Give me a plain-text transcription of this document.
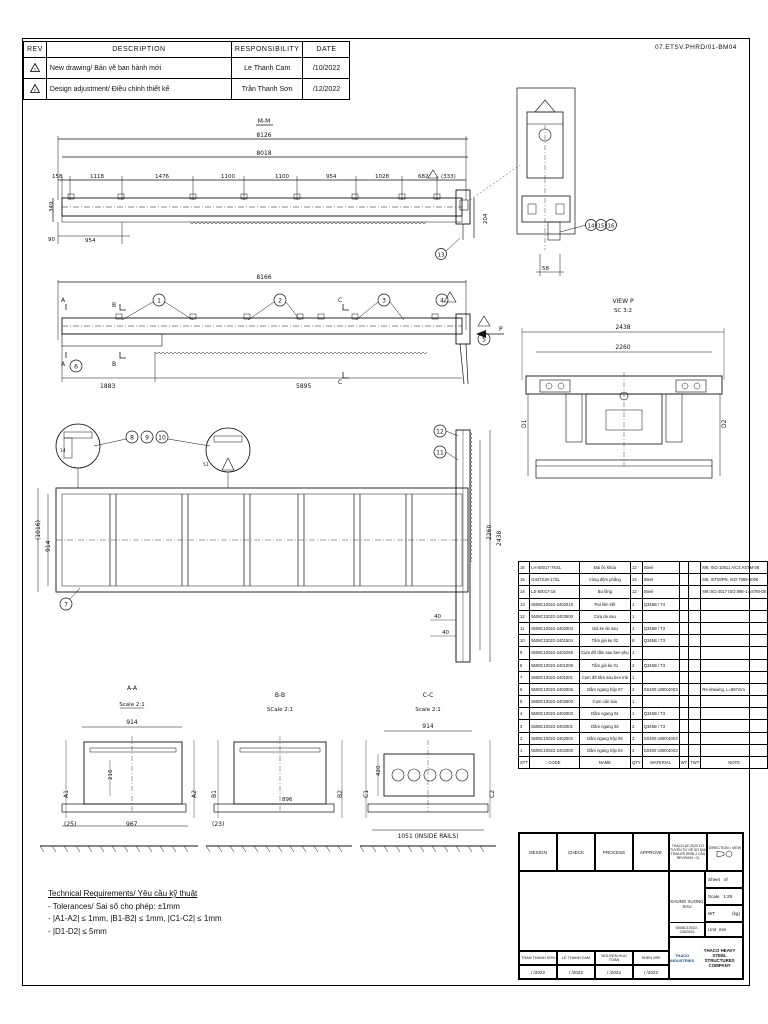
REV	DESCRIPTION	RESPONSIBILITY	DATE

1	New drawing/ Bản vẽ ban hành mới	Le Thanh Cam	/10/2022

2	Design adjustment/ Điều chỉnh thiết kế	Trần Thanh Sơn	/12/2022
07.ETSV.PHRD/01-BM04
M-M
8126
8018
158	1118	1476	1100	1100	954	1028	682 (333)
349
204
90	954
13
58
14 15 16
8166
A
B
C
A	B
C
P
1	2	3	4
5
6
1883	5895
VIEW P
SC 3:2
2438
2260
D1	D2
40
40
(1016)
914
2260 2438
14
51
8 9 10
12
11
7
A-A
Scale 2:1
914
216
967
(25)
A1	A2
B-B
SCale 2:1
896
(23)
B1	B2
C-C
Scale 2:1
914
420
1051 (INSIDE RAILS)
C1	C2
16	LH-50017-7KSL	Đai ốc khóa	12	Steel			M6, ISO 10511 A/C4 ASTM-08
15	G447Z18-17SL	Vòng đệm phẳng	24	Steel			M6, ISTM/PN, ISO 7089-2008
14	LS-50017-18	Bu lông	12	Steel			M6 ISO 4017 ISO 898-1 ASTM-08
13	5508C10022-2402016	Pat liên kết	1	Q345B / T4			
12	5508C10022-2403500	Cửa de sau	1				
11	5508C10022-2402004	Giá ke de sau	1	Q345B / T3			
10	5508C10022-2401504	Tấm giá ke 02	8	Q345B / T3			
9	5508C10022-2402259	Cụm đỡ tấm sau ben phụ	1				
8	5508C10022-2401009	Tấm giá ke 01	2	Q345B / T3			
7	5508C10022-2401001	Cụm đỡ tấm sau ben trái	1				
6	5508C10022-2402005	Dầm ngang hộp 07	2	SS400 U80X40X3			Re-drawing, L=967mm
5	5508C10022-2402600	Cụm cản sau	1				
4	5508C10022-2402003	Dầm ngang 04	1	Q345B / T3			
3	5508C10022-2402001	Dầm ngang 03	2	Q345B / T3			
2	5508C10022-2402002	Dầm ngang hộp 06	2	SS400 U80X40X3			
1	5508C10022-2402000	Dầm ngang hộp 04	2	SS400 U80X40X3			
STT	CODE	NAME	QTY	MATERIAL	WT	TWT	NOTE
DESIGN	CHECK	PROCESS	APPROVE
THACO-AF-2020 CƠ TUYẾN TỪ HỆ SỐ 5VA TRAILER SEMI 2 CẦU
REVISION : 01
DIRECTION • VIEW

KHUNG XUONG SAU
Sheet
of
Scale
1:25
WT	(kg)
5508C10022-2402003	Unit
mm
TRAN THANH SON	LE THANH CAM	NGUYEN HUU TOAN	SHEN WEI
/ /2022	/ /2022	/ /2022	/ /2022
THACO INDUSTRIES
THACO HEAVY STEEL STRUCTURES COMPANY
Technical Requirements/ Yêu cầu kỹ thuật
- Tolerances/ Sai số cho phép: ±1mm
- |A1-A2| ≤ 1mm, |B1-B2| ≤ 1mm, |C1-C2| ≤ 1mm
- |D1-D2| ≤ 5mm
